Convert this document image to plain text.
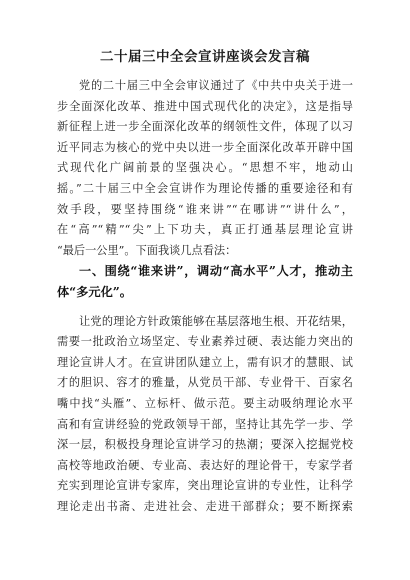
二十届三中全会宣讲座谈会发言稿
党的二十届三中全会审议通过了《中共中央关于进一
步全面深化改革、推进中国式现代化的决定》，这是指导
新征程上进一步全面深化改革的纲领性文件，体现了以习
近平同志为核心的党中央以进一步全面深化改革开辟中国
式现代化广阔前景的坚强决心。“思想不牢，地动山
摇。”二十届三中全会宣讲作为理论传播的重要途径和有
效手段，要坚持围绕“谁来讲”“在哪讲”“讲什么”，
在“高”“精”“尖”上下功夫，真正打通基层理论宣讲
“最后一公里”。下面我谈几点看法：
一、围绕“谁来讲”，调动“高水平”人才，推动主
体“多元化”。
让党的理论方针政策能够在基层落地生根、开花结果，
需要一批政治立场坚定、专业素养过硬、表达能力突出的
理论宣讲人才。在宣讲团队建立上，需有识才的慧眼、试
才的胆识、容才的雅量，从党员干部、专业骨干、百家名
嘴中找“头雁”、立标杆、做示范。要主动吸纳理论水平
高和有宣讲经验的党政领导干部，坚持让其先学一步、学
深一层，积极投身理论宣讲学习的热潮；要深入挖掘党校
高校等地政治硬、专业高、表达好的理论骨干，专家学者
充实到理论宣讲专家库，突出理论宣讲的专业性，让科学
理论走出书斋、走进社会、走进干部群众；要不断探索
